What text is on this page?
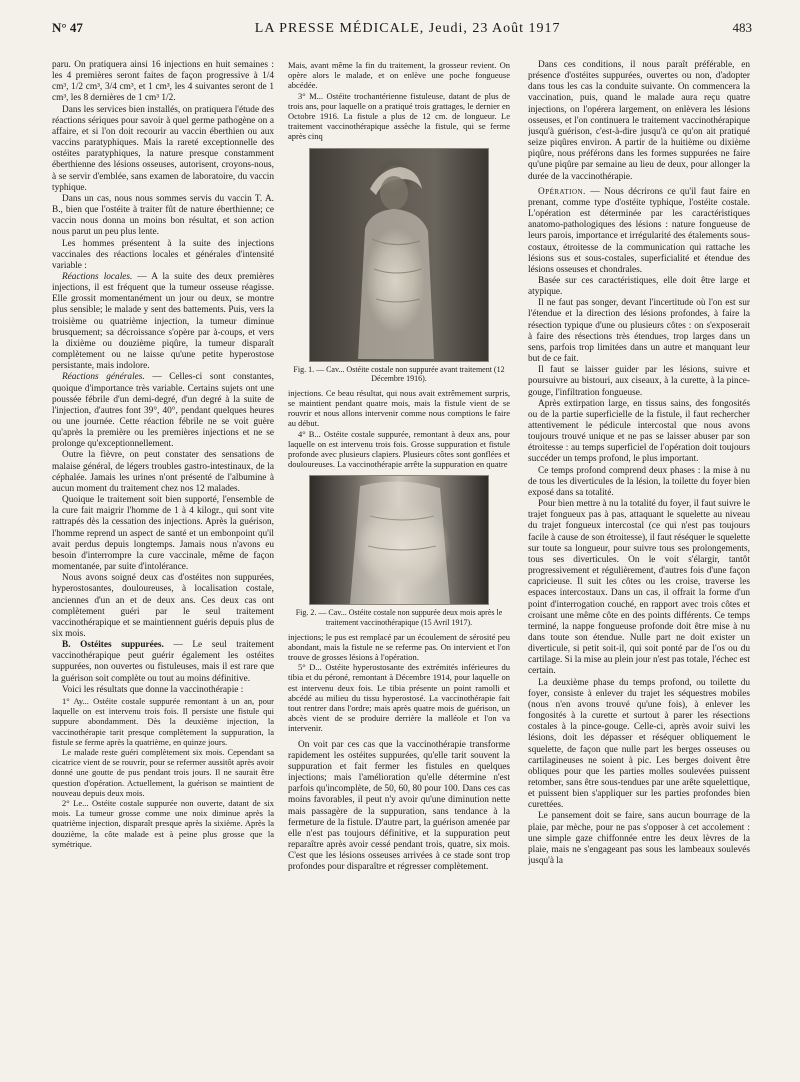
N° 47	LA PRESSE MÉDICALE, Jeudi, 23 Août 1917	483

paru. On pratiquera ainsi 16 injections en huit semaines : les 4 premières seront faites de façon progressive à 1/4 cm³, 1/2 cm³, 3/4 cm³, et 1 cm³, les 4 suivantes seront de 1 cm³, les 8 dernières de 1 cm³ 1/2.

Dans les services bien installés, on pratiquera l'étude des réactions sériques pour savoir à quel germe pathogène on a affaire, et si l'on doit recourir au vaccin éberthien ou aux vaccins paratyphiques. Mais la rareté exceptionnelle des ostéites paratyphiques, la nature presque constamment éberthienne des lésions osseuses, autorisent, croyons-nous, à se servir d'emblée, sans examen de laboratoire, du vaccin typhique.

Dans un cas, nous nous sommes servis du vaccin T. A. B., bien que l'ostéite à traiter fût de nature éberthienne; ce vaccin nous donna un moins bon résultat, et son action nous parut un peu plus lente.

Les hommes présentent à la suite des injections vaccinales des réactions locales et générales d'intensité variable :

Réactions locales. — A la suite des deux premières injections, il est fréquent que la tumeur osseuse réagisse. Elle grossit momentanément un jour ou deux, se montre plus sensible; le malade y sent des battements. Puis, vers la troisième ou quatrième injection, la tumeur diminue brusquement; sa décroissance s'opère par à-coups, et vers la dixième ou douzième piqûre, la tumeur disparaît complètement ou ne laisse qu'une petite hyperostose persistante, mais indolore.

Réactions générales. — Celles-ci sont constantes, quoique d'importance très variable. Certains sujets ont une poussée fébrile d'un demi-degré, d'un degré à la suite de l'injection, d'autres font 39°, 40°, pendant quelques heures ou une journée. Cette réaction fébrile ne se voit guère qu'après la première ou les premières injections et ne se prolonge qu'exceptionnellement.

Outre la fièvre, on peut constater des sensations de malaise général, de légers troubles gastro-intestinaux, de la céphalée. Jamais les urines n'ont présenté de l'albumine à aucun moment du traitement chez nos 12 malades.

Quoique le traitement soit bien supporté, l'ensemble de la cure fait maigrir l'homme de 1 à 4 kilogr., qui sont vite rattrapés dès la cessation des injections. Après la guérison, l'homme reprend un aspect de santé et un embonpoint qu'il avait perdus depuis longtemps. Jamais nous n'avons eu besoin d'interrompre la cure vaccinale, même de façon momentanée, par suite d'intolérance.

Nous avons soigné deux cas d'ostéites non suppurées, hyperostosantes, douloureuses, à localisation costale, anciennes d'un an et de deux ans. Ces deux cas ont complètement guéri par le seul traitement vaccinothérapique et se maintiennent guéris depuis plus de six mois.

B. Ostéites suppurées. — Le seul traitement vaccinothérapique peut guérir également les ostéites suppurées, non ouvertes ou fistuleuses, mais il est rare que la guérison soit complète ou tout au moins définitive.

Voici les résultats que donne la vaccinothérapie :

1° Ay... Ostéite costale suppurée remontant à un an, pour laquelle on est intervenu trois fois. Il persiste une fistule qui suppure abondamment. Dès la deuxième injection, la vaccinothérapie tarit presque complètement la suppuration, la fistule se ferme après la quatrième, en quinze jours.

Le malade reste guéri complètement six mois. Cependant sa cicatrice vient de se rouvrir, pour se refermer aussitôt après avoir donné une goutte de pus pendant trois jours. Il ne saurait être question d'opération. Actuellement, la guérison se maintient de nouveau depuis deux mois.

2° Le... Ostéite costale suppurée non ouverte, datant de six mois. La tumeur grosse comme une noix diminue après la quatrième injection, disparaît presque après la sixième. Après la douzième, la côte malade est à peine plus grosse que la symétrique.

Mais, avant même la fin du traitement, la grosseur revient. On opère alors le malade, et on enlève une poche fongueuse abcédée.

3° M... Ostéite trochantérienne fistuleuse, datant de plus de trois ans, pour laquelle on a pratiqué trois grattages, le dernier en Octobre 1916. La fistule a plus de 12 cm. de longueur. Le traitement vaccinothérapique assèche la fistule, qui se ferme après cinq

Fig. 1. — Cav... Ostéite costale non suppurée avant traitement (12 Décembre 1916).

injections. Ce beau résultat, qui nous avait extrêmement surpris, se maintient pendant quatre mois, mais la fistule vient de se rouvrir et nous allons intervenir comme nous comptions le faire au début.

4° B... Ostéite costale suppurée, remontant à deux ans, pour laquelle on est intervenu trois fois. Grosse suppuration et fistule profonde avec plusieurs clapiers. Plusieurs côtes sont gonflées et douloureuses. La vaccinothérapie arrête la suppuration en quatre

Fig. 2. — Cav... Ostéite costale non suppurée deux mois après le traitement vaccinothérapique (15 Avril 1917).

injections; le pus est remplacé par un écoulement de sérosité peu abondant, mais la fistule ne se referme pas. On intervient et l'on trouve de grosses lésions à l'opération.

5° D... Ostéite hyperostosante des extrémités inférieures du tibia et du péroné, remontant à Décembre 1914, pour laquelle on est intervenu deux fois. Le tibia présente un point ramolli et abcédé au milieu du tissu hyperostosé. La vaccinothérapie fait tout rentrer dans l'ordre; mais après quatre mois de guérison, un abcès vient de se produire derrière la malléole et l'on va intervenir.

On voit par ces cas que la vaccinothérapie transforme rapidement les ostéites suppurées, qu'elle tarit souvent la suppuration et fait fermer les fistules en quelques injections; mais l'amélioration qu'elle détermine n'est parfois qu'incomplète, de 50, 60, 80 pour 100. Dans ces cas moins favorables, il peut n'y avoir qu'une diminution nette mais passagère de la suppuration, sans tendance à la fermeture de la fistule. D'autre part, la guérison amenée par elle n'est pas toujours définitive, et la suppuration peut reparaître après avoir cessé pendant trois, quatre, six mois. C'est que les lésions osseuses arrivées à ce stade sont trop profondes pour disparaître et régresser complètement.

Dans ces conditions, il nous paraît préférable, en présence d'ostéites suppurées, ouvertes ou non, d'adopter dans tous les cas la conduite suivante. On commencera la vaccination, puis, quand le malade aura reçu quatre injections, on l'opérera largement, on enlèvera les lésions osseuses, et l'on continuera le traitement vaccinothérapique jusqu'à guérison, c'est-à-dire jusqu'à ce qu'on ait pratiqué seize piqûres environ. A partir de la huitième ou dixième piqûre, nous préférons dans les formes suppurées ne faire qu'une piqûre par semaine au lieu de deux, pour allonger la durée de la vaccinothérapie.

Opération. — Nous décrirons ce qu'il faut faire en prenant, comme type d'ostéite typhique, l'ostéite costale. L'opération est déterminée par les caractéristiques anatomo-pathologiques des lésions : nature fongueuse de leurs parois, importance et irrégularité des étalements sous-costaux, étroitesse de la communication qui rattache les lésions sus et sous-costales, superficialité et étendue des lésions osseuses et chondrales.

Basée sur ces caractéristiques, elle doit être large et atypique.

Il ne faut pas songer, devant l'incertitude où l'on est sur l'étendue et la direction des lésions profondes, à faire la résection typique d'une ou plusieurs côtes : on s'exposerait à faire des résections très étendues, trop larges dans un sens, parfois trop limitées dans un autre et manquant leur but de ce fait.

Il faut se laisser guider par les lésions, suivre et poursuivre au bistouri, aux ciseaux, à la curette, à la pince-gouge, l'infiltration fongueuse.

Après extirpation large, en tissus sains, des fongosités ou de la partie superficielle de la fistule, il faut rechercher attentivement le pédicule intercostal que nous avons toujours trouvé unique et ne pas se laisser abuser par son étroitesse : au temps superficiel de l'opération doit toujours succéder un temps profond, le plus important.

Ce temps profond comprend deux phases : la mise à nu de tous les diverticules de la lésion, la toilette du foyer bien exposé dans sa totalité.

Pour bien mettre à nu la totalité du foyer, il faut suivre le trajet fongueux pas à pas, attaquant le squelette au niveau du trajet fongueux intercostal (ce qui n'est pas toujours facile à cause de son étroitesse), il faut réséquer le squelette sur toute sa longueur, pour suivre tous ses prolongements, tous ses diverticules. On le voit s'élargir, tantôt progressivement et régulièrement, d'autres fois d'une façon capricieuse. Il suit les côtes ou les croise, traverse les espaces intercostaux. Dans un cas, il offrait la forme d'un point d'interrogation couché, en rapport avec trois côtes et croisant une même côte en des points différents. Ce temps terminé, la nappe fongueuse profonde doit être mise à nu dans toute son étendue. Nulle part ne doit exister un diverticule, si petit soit-il, qui soit ponté par de l'os ou du cartilage. Si la mise au plein jour n'est pas totale, l'échec est certain.

La deuxième phase du temps profond, ou toilette du foyer, consiste à enlever du trajet les séquestres mobiles (nous n'en avons trouvé qu'une fois), à enlever les fongosités à la curette et surtout à parer les résections costales à la pince-gouge. Celle-ci, après avoir suivi les lésions, doit les dépasser et réséquer obliquement le squelette, de façon que nulle part les berges osseuses ou cartilagineuses ne soient à pic. Les berges doivent être obliques pour que les parties molles soulevées puissent retomber, sans être sous-tendues par une arête squelettique, et puissent bien s'appliquer sur les parties profondes bien curettées.

Le pansement doit se faire, sans aucun bourrage de la plaie, par mèche, pour ne pas s'opposer à cet accolement : une simple gaze chiffonnée entre les deux lèvres de la plaie, mais ne s'engageant pas sous les lambeaux soulevés jusqu'à la
